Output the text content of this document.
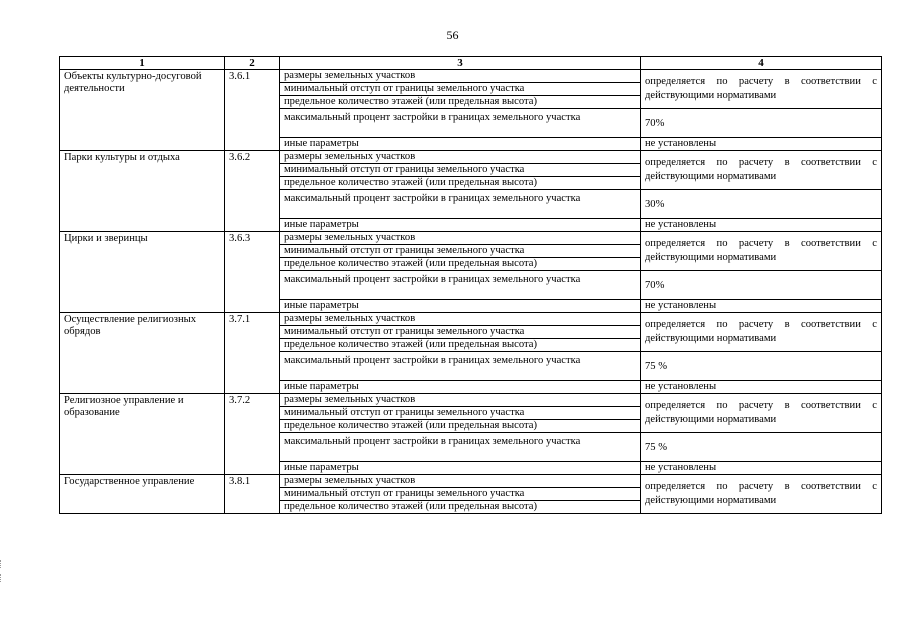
56
1	2	3	4
Объекты культурно-досуговой деятельности	3.6.1	размеры земельных участков	определяется по расчету в соответствии с действующими нормативами
		минимальный отступ от границы земельного участка	
		предельное количество этажей (или предельная высота)	
		максимальный процент застройки в границах земельного участка	70%
		иные параметры	не установлены
Парки культуры и отдыха	3.6.2	размеры земельных участков	определяется по расчету в соответствии с действующими нормативами
		минимальный отступ от границы земельного участка	
		предельное количество этажей (или предельная высота)	
		максимальный процент застройки в границах земельного участка	30%
		иные параметры	не установлены
Цирки и зверинцы	3.6.3	размеры земельных участков	определяется по расчету в соответствии с действующими нормативами
		минимальный отступ от границы земельного участка	
		предельное количество этажей (или предельная высота)	
		максимальный процент застройки в границах земельного участка	70%
		иные параметры	не установлены
Осуществление религиозных обрядов	3.7.1	размеры земельных участков	определяется по расчету в соответствии с действующими нормативами
		минимальный отступ от границы земельного участка	
		предельное количество этажей (или предельная высота)	
		максимальный процент застройки в границах земельного участка	75 %
		иные параметры	не установлены
Религиозное управление и образование	3.7.2	размеры земельных участков	определяется по расчету в соответствии с действующими нормативами
		минимальный отступ от границы земельного участка	
		предельное количество этажей (или предельная высота)	
		максимальный процент застройки в границах земельного участка	75 %
		иные параметры	не установлены
Государственное управление	3.8.1	размеры земельных участков	определяется по расчету в соответствии с действующими нормативами
		минимальный отступ от границы земельного участка	
		предельное количество этажей (или предельная высота)	
